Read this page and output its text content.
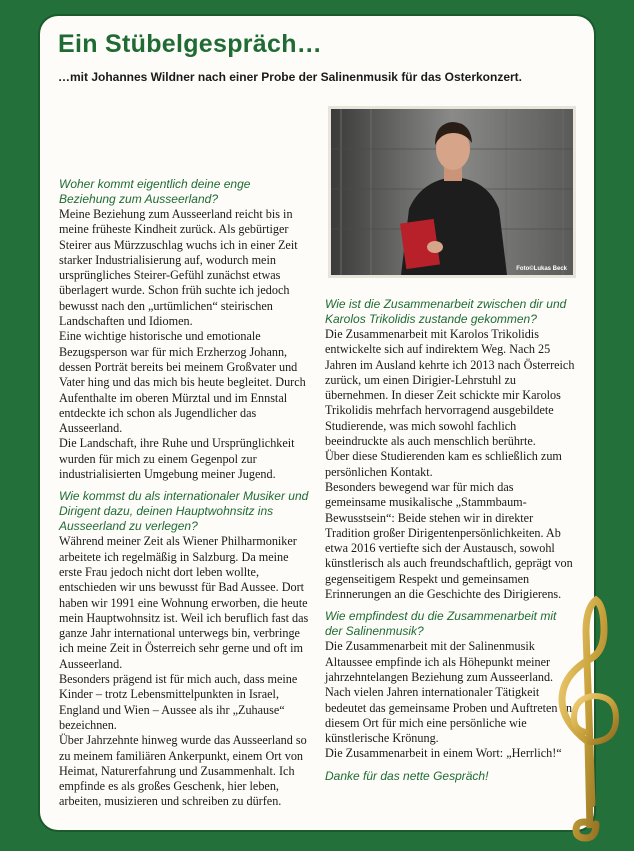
Ein Stübelgespräch…

…mit Johannes Wildner nach einer Probe der Salinenmusik für das Osterkonzert.

Foto©Lukas Beck

Woher kommt eigentlich deine enge Beziehung zum Ausseerland?

Meine Beziehung zum Ausseerland reicht bis in meine früheste Kindheit zurück. Als gebürtiger Steirer aus Mürzzuschlag wuchs ich in einer Zeit starker Industrialisierung auf, wodurch mein ursprüngliches Steirer-Gefühl zunächst etwas überlagert wurde. Schon früh suchte ich jedoch bewusst nach den „urtümlichen“ steirischen Landschaften und Idiomen.

Eine wichtige historische und emotionale Bezugsperson war für mich Erzherzog Johann, dessen Porträt bereits bei meinem Großvater und Vater hing und das mich bis heute begleitet. Durch Aufenthalte im oberen Mürztal und im Ennstal entdeckte ich schon als Jugendlicher das Ausseerland.

Die Landschaft, ihre Ruhe und Ursprünglichkeit wurden für mich zu einem Gegenpol zur industrialisierten Umgebung meiner Jugend.

Wie kommst du als internationaler Musiker und Dirigent dazu, deinen Hauptwohnsitz ins Ausseerland zu verlegen?

Während meiner Zeit als Wiener Philharmoniker arbeitete ich regelmäßig in Salzburg. Da meine erste Frau jedoch nicht dort leben wollte, entschieden wir uns bewusst für Bad Aussee. Dort haben wir 1991 eine Wohnung erworben, die heute mein Hauptwohnsitz ist. Weil ich beruflich fast das ganze Jahr international unterwegs bin, verbringe ich meine Zeit in Österreich sehr gerne und oft im Ausseerland.

Besonders prägend ist für mich auch, dass meine Kinder – trotz Lebensmittelpunkten in Israel, England und Wien – Aussee als ihr „Zuhause“ bezeichnen.

Über Jahrzehnte hinweg wurde das Ausseerland so zu meinem familiären Ankerpunkt, einem Ort von Heimat, Naturerfahrung und Zusammenhalt. Ich empfinde es als großes Geschenk, hier leben, arbeiten, musizieren und schreiben zu dürfen.

Wie ist die Zusammenarbeit zwischen dir und Karolos Trikolidis zustande gekommen?

Die Zusammenarbeit mit Karolos Trikolidis entwickelte sich auf indirektem Weg. Nach 25 Jahren im Ausland kehrte ich 2013 nach Österreich zurück, um einen Dirigier-Lehrstuhl zu übernehmen. In dieser Zeit schickte mir Karolos Trikolidis mehrfach hervorragend ausgebildete Studierende, was mich sowohl fachlich beeindruckte als auch menschlich berührte.

Über diese Studierenden kam es schließlich zum persönlichen Kontakt.

Besonders bewegend war für mich das gemeinsame musikalische „Stammbaum-Bewusstsein“: Beide stehen wir in direkter Tradition großer Dirigentenpersönlichkeiten. Ab etwa 2016 vertiefte sich der Austausch, sowohl künstlerisch als auch freundschaftlich, geprägt von gegenseitigem Respekt und gemeinsamen Erinnerungen an die Geschichte des Dirigierens.

Wie empfindest du die Zusammenarbeit mit der Salinenmusik?

Die Zusammenarbeit mit der Salinenmusik Altaussee empfinde ich als Höhepunkt meiner jahrzehntelangen Beziehung zum Ausseerland. Nach vielen Jahren internationaler Tätigkeit bedeutet das gemeinsame Proben und Auftreten an diesem Ort für mich eine persönliche wie künstlerische Krönung.

Die Zusammenarbeit in einem Wort: „Herrlich!“

Danke für das nette Gespräch!
